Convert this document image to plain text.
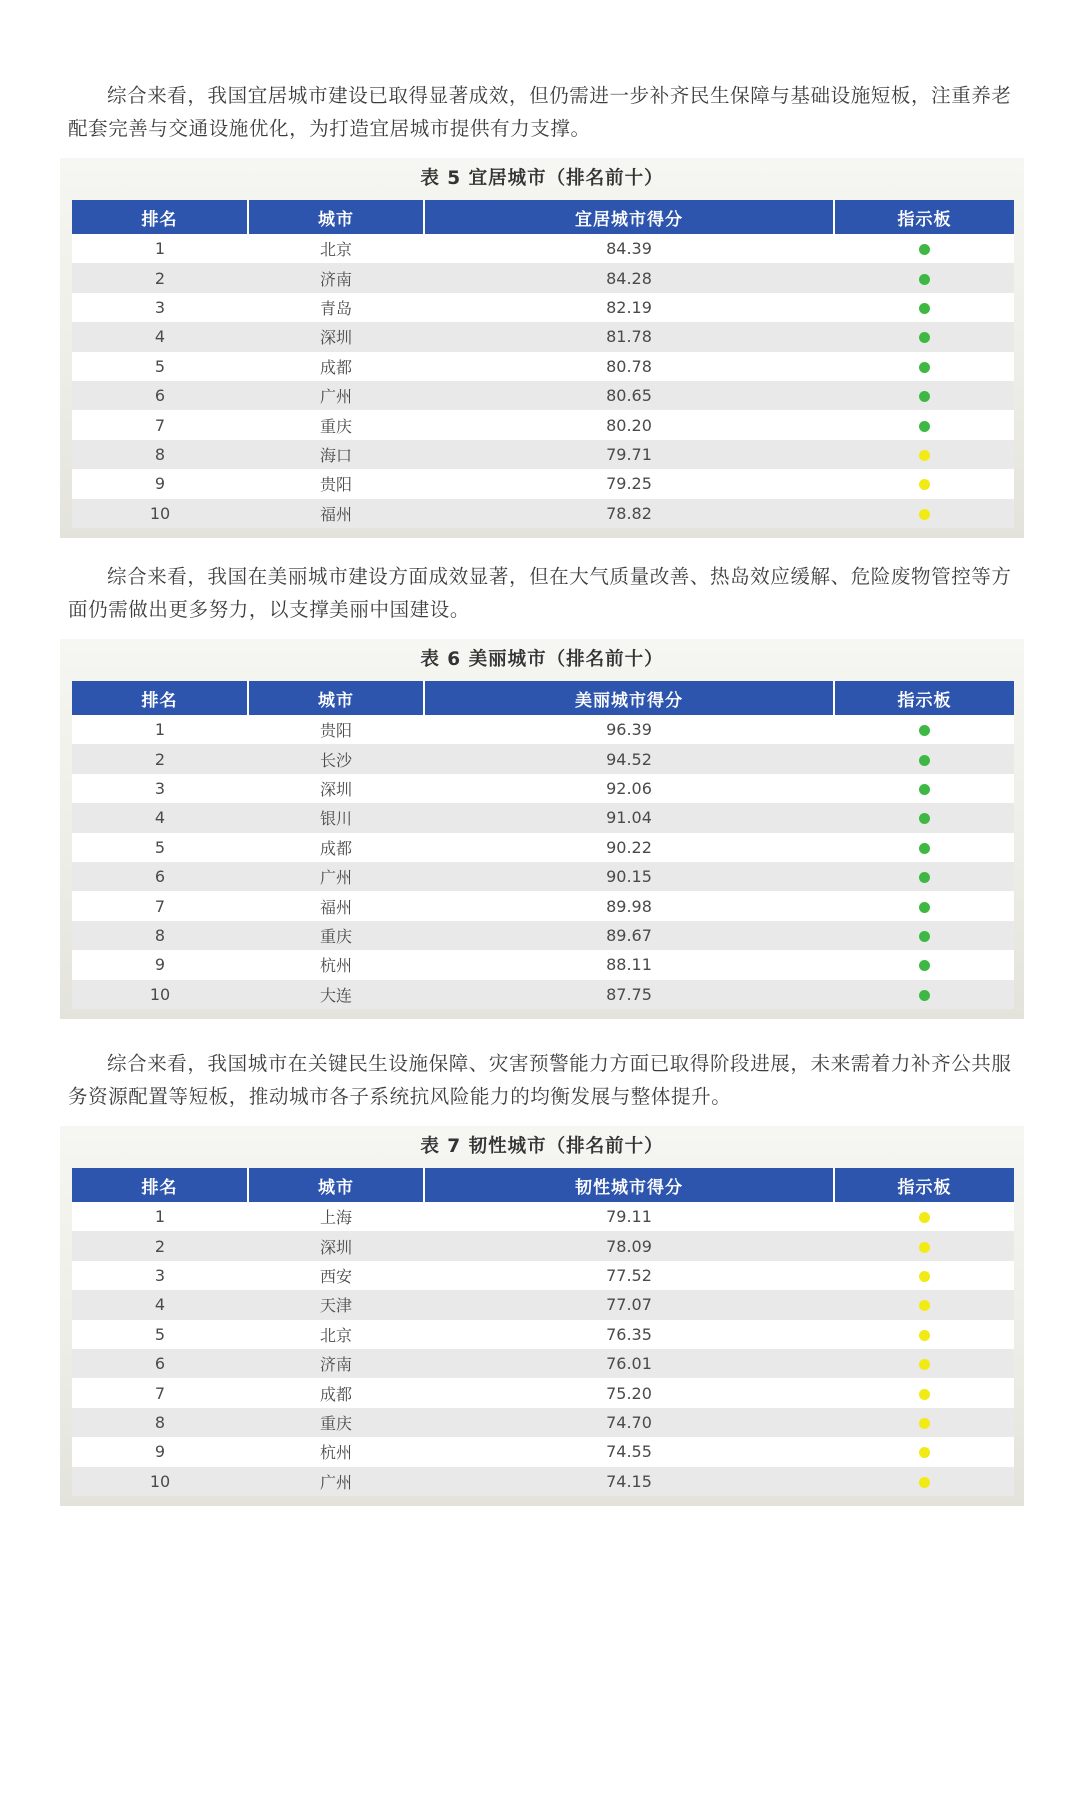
综合来看，我国宜居城市建设已取得显著成效，但仍需进一步补齐民生保障与基础设施短板，注重养老配套完善与交通设施优化，为打造宜居城市提供有力支撑。

表 5 宜居城市（排名前十）
排名	城市	宜居城市得分	指示板
1	北京	84.39	
2	济南	84.28	
3	青岛	82.19	
4	深圳	81.78	
5	成都	80.78	
6	广州	80.65	
7	重庆	80.20	
8	海口	79.71	
9	贵阳	79.25	
10	福州	78.82	

综合来看，我国在美丽城市建设方面成效显著，但在大气质量改善、热岛效应缓解、危险废物管控等方面仍需做出更多努力，以支撑美丽中国建设。

表 6 美丽城市（排名前十）
排名	城市	美丽城市得分	指示板
1	贵阳	96.39	
2	长沙	94.52	
3	深圳	92.06	
4	银川	91.04	
5	成都	90.22	
6	广州	90.15	
7	福州	89.98	
8	重庆	89.67	
9	杭州	88.11	
10	大连	87.75	

综合来看，我国城市在关键民生设施保障、灾害预警能力方面已取得阶段进展，未来需着力补齐公共服务资源配置等短板，推动城市各子系统抗风险能力的均衡发展与整体提升。

表 7 韧性城市（排名前十）
排名	城市	韧性城市得分	指示板
1	上海	79.11	
2	深圳	78.09	
3	西安	77.52	
4	天津	77.07	
5	北京	76.35	
6	济南	76.01	
7	成都	75.20	
8	重庆	74.70	
9	杭州	74.55	
10	广州	74.15	
